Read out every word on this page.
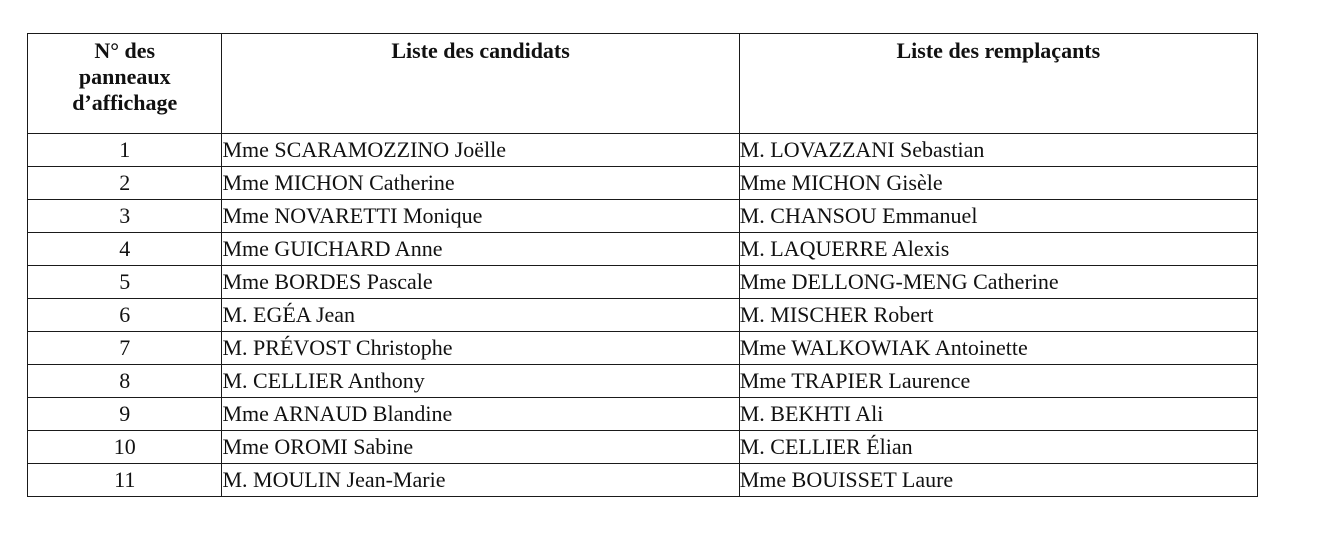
N° des
panneaux
d’affichage	Liste des candidats	Liste des remplaçants
1	Mme SCARAMOZZINO Joëlle	M. LOVAZZANI Sebastian
2	Mme MICHON Catherine	Mme MICHON Gisèle
3	Mme NOVARETTI Monique	M. CHANSOU Emmanuel
4	Mme GUICHARD Anne	M. LAQUERRE Alexis
5	Mme BORDES Pascale	Mme DELLONG-MENG Catherine
6	M. EGÉA Jean	M. MISCHER Robert
7	M. PRÉVOST Christophe	Mme WALKOWIAK Antoinette
8	M. CELLIER Anthony	Mme TRAPIER Laurence
9	Mme ARNAUD Blandine	M. BEKHTI Ali
10	Mme OROMI Sabine	M. CELLIER Élian
11	M. MOULIN Jean-Marie	Mme BOUISSET Laure
